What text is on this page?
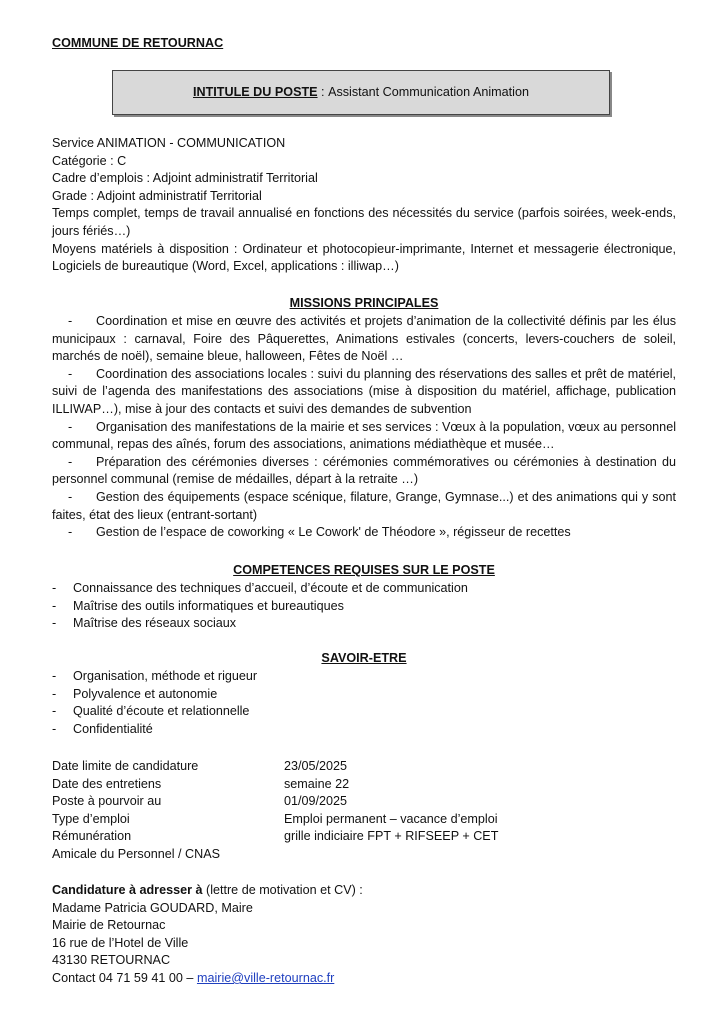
COMMUNE DE RETOURNAC
INTITULE DU POSTE : Assistant Communication Animation

Service ANIMATION - COMMUNICATION

Catégorie : C

Cadre d’emplois : Adjoint administratif Territorial

Grade : Adjoint administratif Territorial

Temps complet, temps de travail annualisé en fonctions des nécessités du service (parfois soirées, week-ends, jours fériés…)

Moyens matériels à disposition : Ordinateur et photocopieur-imprimante, Internet et messagerie électronique, Logiciels de bureautique (Word, Excel, applications : illiwap…)

MISSIONS PRINCIPALES

- Coordination et mise en œuvre des activités et projets d’animation de la collectivité définis par les élus municipaux : carnaval, Foire des Pâquerettes, Animations estivales (concerts, levers-couchers de soleil, marchés de noël), semaine bleue, halloween, Fêtes de Noël …

- Coordination des associations locales : suivi du planning des réservations des salles et prêt de matériel, suivi de l’agenda des manifestations des associations (mise à disposition du matériel, affichage, publication ILLIWAP…), mise à jour des contacts et suivi des demandes de subvention

- Organisation des manifestations de la mairie et ses services : Vœux à la population, vœux au personnel communal, repas des aînés, forum des associations, animations médiathèque et musée…

- Préparation des cérémonies diverses : cérémonies commémoratives ou cérémonies à destination du personnel communal (remise de médailles, départ à la retraite …)

- Gestion des équipements (espace scénique, filature, Grange, Gymnase...) et des animations qui y sont faites, état des lieux (entrant-sortant)

- Gestion de l’espace de coworking « Le Cowork' de Théodore », régisseur de recettes

COMPETENCES REQUISES SUR LE POSTE
- Connaissance des techniques d’accueil, d’écoute et de communication
- Maîtrise des outils informatiques et bureautiques
- Maîtrise des réseaux sociaux
SAVOIR-ETRE
- Organisation, méthode et rigueur
- Polyvalence et autonomie
- Qualité d’écoute et relationnelle
- Confidentialité
Date limite de candidature	23/05/2025
Date des entretiens	semaine 22
Poste à pourvoir au	01/09/2025
Type d’emploi	Emploi permanent – vacance d’emploi
Rémunération	grille indiciaire FPT + RIFSEEP + CET
Amicale du Personnel / CNAS
Candidature à adresser à (lettre de motivation et CV) :
Madame Patricia GOUDARD, Maire
Mairie de Retournac
16 rue de l’Hotel de Ville
43130 RETOURNAC
Contact 04 71 59 41 00 – mairie@ville-retournac.fr
